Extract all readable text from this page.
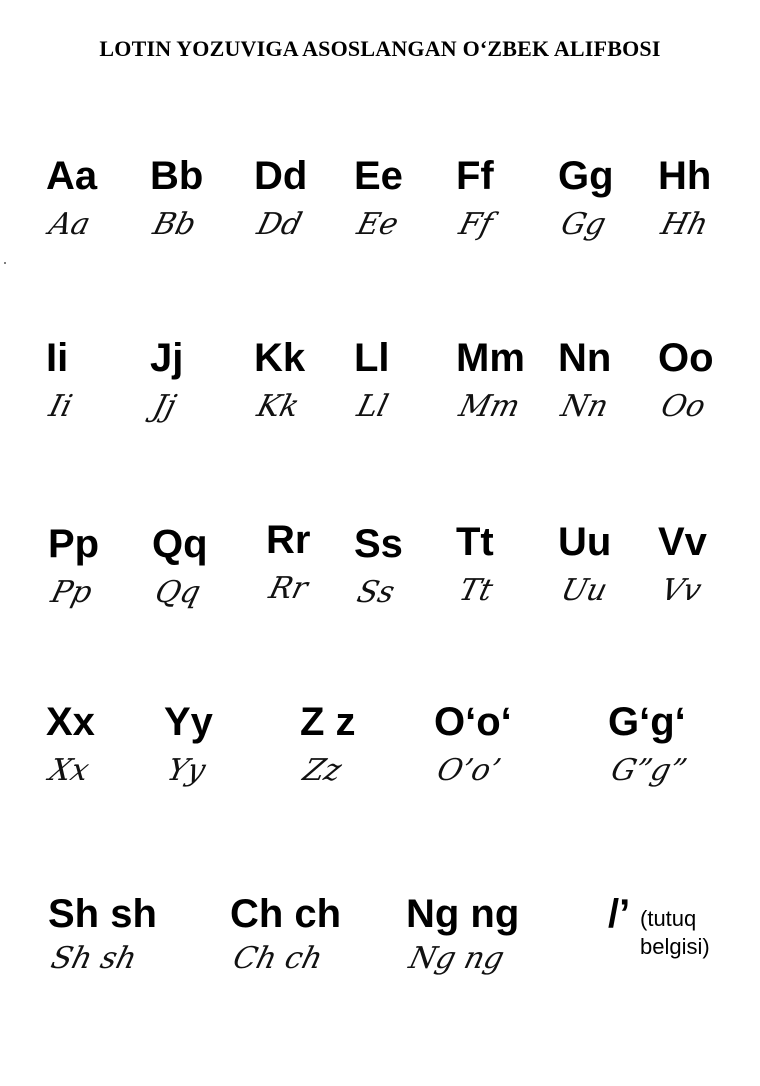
LOTIN YOZUVIGA ASOSLANGAN O‘ZBEK ALIFBOSI
Aa
Aa
Bb
Bb
Dd
Dd
Ee
Ee
Ff
Ff
Gg
Gg
Hh
Hh
Ii
Ii
Jj
Jj
Kk
Kk
Ll
Ll
Mm
Mm
Nn
Nn
Oo
Oo
Pp
Pp
Qq
Qq
Rr
Rr
Ss
Ss
Tt
Tt
Uu
Uu
Vv
Vv
Xx
Xx
Yy
Yy
Z z
Zz
O‘o‘
O’o’
G‘g‘
G”g”
Sh sh
Sh sh
Ch ch
Ch ch
Ng ng
Ng ng
/’ (tutuq
belgisi)
